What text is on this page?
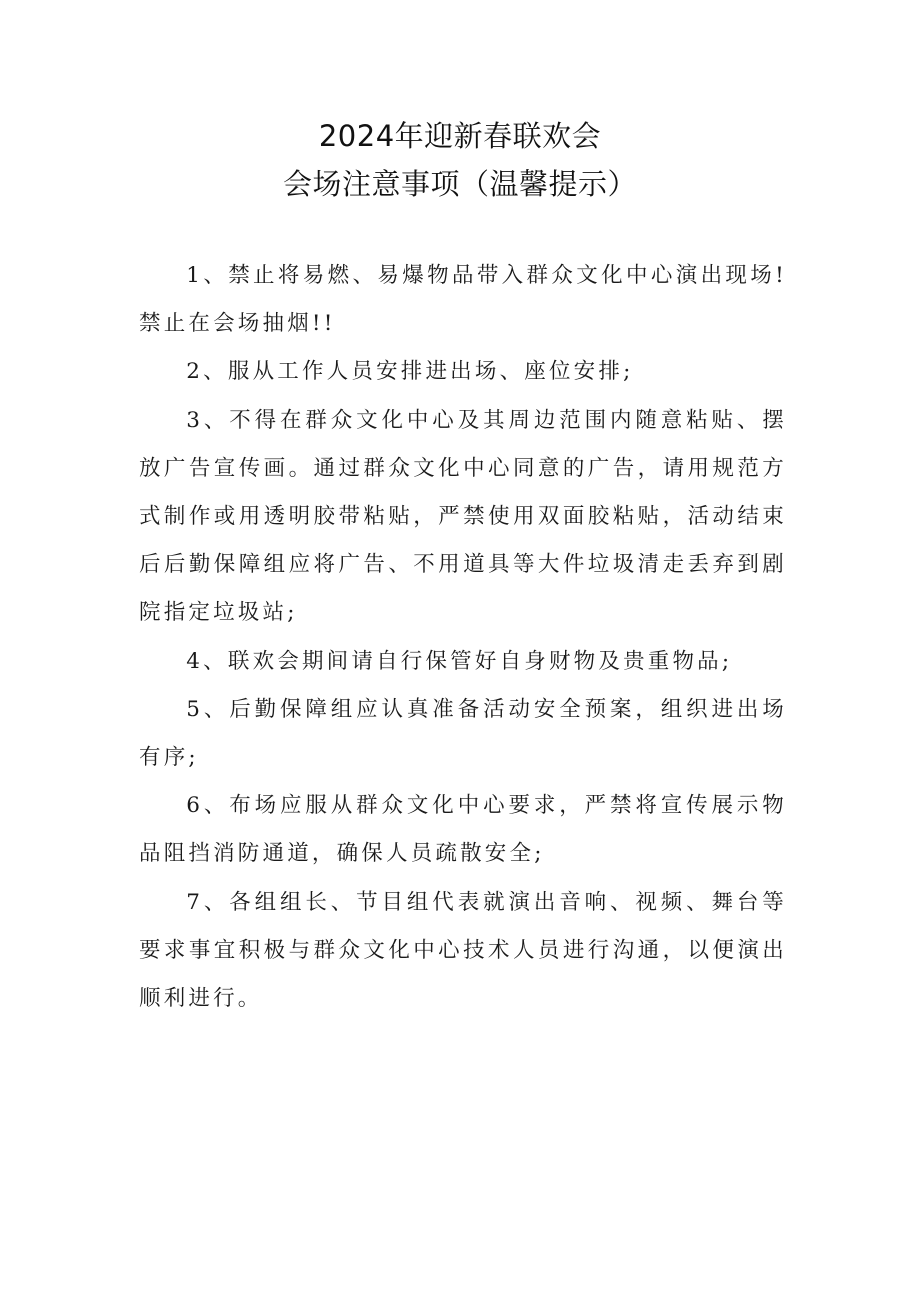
2024年迎新春联欢会
会场注意事项（温馨提示）

1、禁止将易燃、易爆物品带入群众文化中心演出现场!禁止在会场抽烟!!

2、服从工作人员安排进出场、座位安排;

3、不得在群众文化中心及其周边范围内随意粘贴、摆放广告宣传画。通过群众文化中心同意的广告，请用规范方式制作或用透明胶带粘贴，严禁使用双面胶粘贴，活动结束后后勤保障组应将广告、不用道具等大件垃圾清走丢弃到剧院指定垃圾站;

4、联欢会期间请自行保管好自身财物及贵重物品;

5、后勤保障组应认真准备活动安全预案，组织进出场有序;

6、布场应服从群众文化中心要求，严禁将宣传展示物品阻挡消防通道，确保人员疏散安全;

7、各组组长、节目组代表就演出音响、视频、舞台等要求事宜积极与群众文化中心技术人员进行沟通，以便演出顺利进行。
